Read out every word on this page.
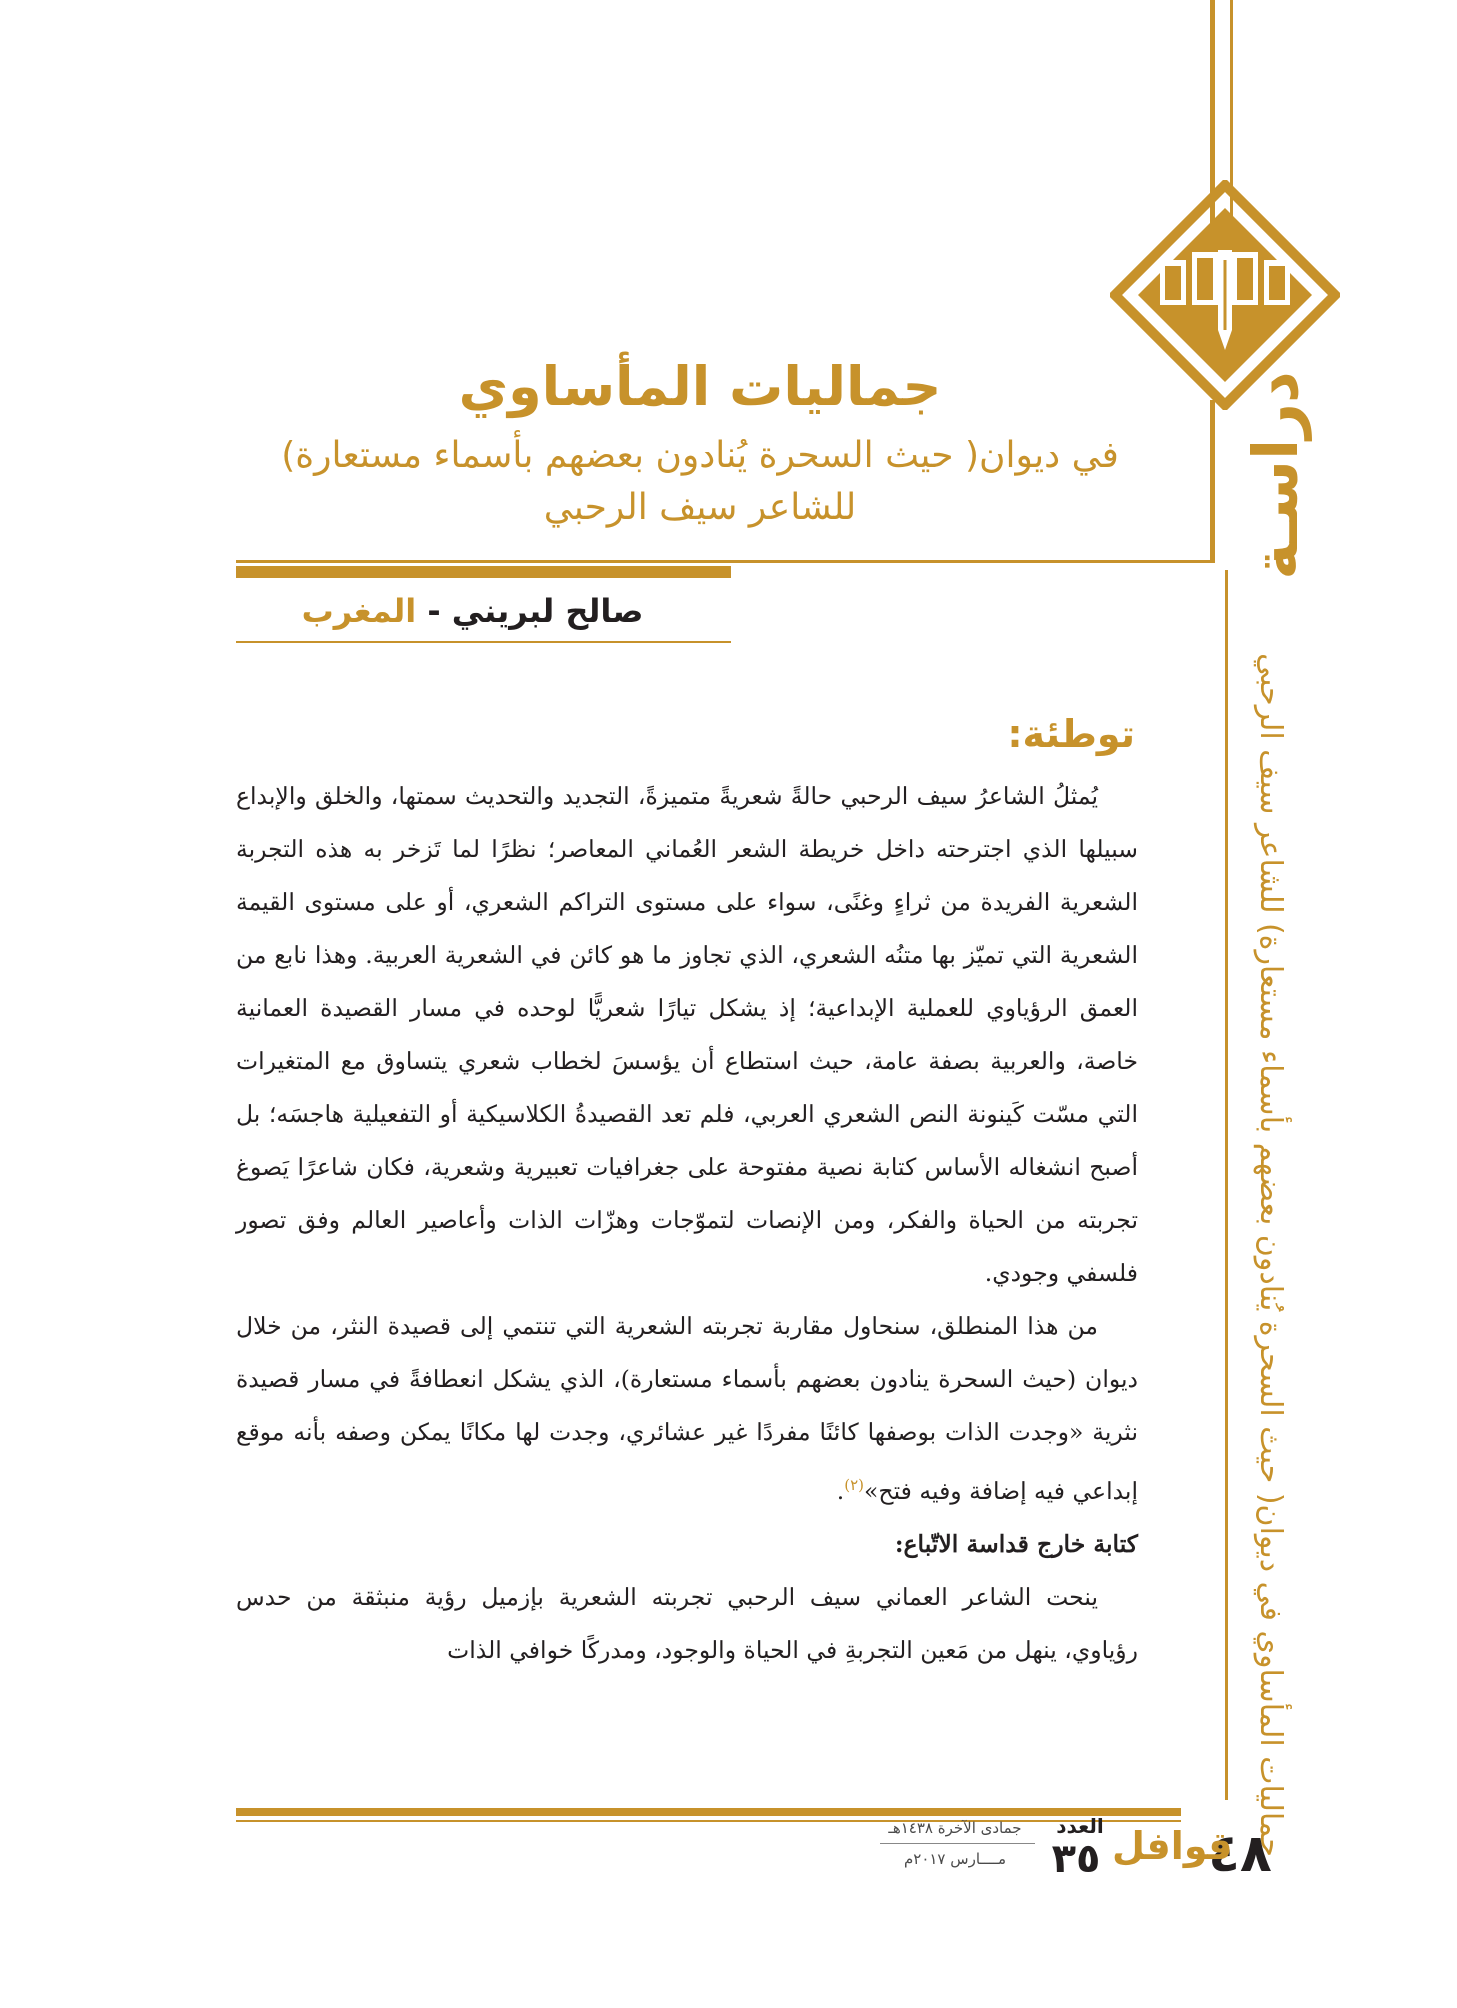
دراسـة
جماليات المأساوي في ديوان( حيث السحرة يُنادون بعضهم بأسماء مستعارة) للشاعر سيف الرحبي
جماليات المأساوي
في ديوان( حيث السحرة يُنادون بعضهم بأسماء مستعارة)
للشاعر سيف الرحبي
صالح لبريني - المغرب
توطئة:

يُمثلُ الشاعرُ سيف الرحبي حالةً شعريةً متميزةً، التجديد والتحديث سمتها، والخلق والإبداع سبيلها الذي اجترحته داخل خريطة الشعر العُماني المعاصر؛ نظرًا لما تَزخر به هذه التجربة الشعرية الفريدة من ثراءٍ وغنًى، سواء على مستوى التراكم الشعري، أو على مستوى القيمة الشعرية التي تميّز بها متنُه الشعري، الذي تجاوز ما هو كائن في الشعرية العربية. وهذا نابع من العمق الرؤياوي للعملية الإبداعية؛ إذ يشكل تيارًا شعريًّا لوحده في مسار القصيدة العمانية خاصة، والعربية بصفة عامة، حيث استطاع أن يؤسسَ لخطاب شعري يتساوق مع المتغيرات التي مسّت كَينونة النص الشعري العربي، فلم تعد القصيدةُ الكلاسيكية أو التفعيلية هاجسَه؛ بل أصبح انشغاله الأساس كتابة نصية مفتوحة على جغرافيات تعبيرية وشعرية، فكان شاعرًا يَصوغ تجربته من الحياة والفكر، ومن الإنصات لتموّجات وهزّات الذات وأعاصير العالم وفق تصور فلسفي وجودي.

من هذا المنطلق، سنحاول مقاربة تجربته الشعرية التي تنتمي إلى قصيدة النثر، من خلال ديوان (حيث السحرة ينادون بعضهم بأسماء مستعارة)، الذي يشكل انعطافةً في مسار قصيدة نثرية «وجدت الذات بوصفها كائنًا مفردًا غير عشائري، وجدت لها مكانًا يمكن وصفه بأنه موقع إبداعي فيه إضافة وفيه فتح»$^{(٢)}$.

كتابة خارج قداسة الاتّباع:

ينحت الشاعر العماني سيف الرحبي تجربته الشعرية بإزميل رؤية منبثقة من حدس رؤياوي، ينهل من مَعين التجربةِ في الحياة والوجود، ومدركًا خوافي الذات

٤٨
قوافل
العدد
٣٥
جمادى الآخرة ١٤٣٨هـ
مــــارس ٢٠١٧م
